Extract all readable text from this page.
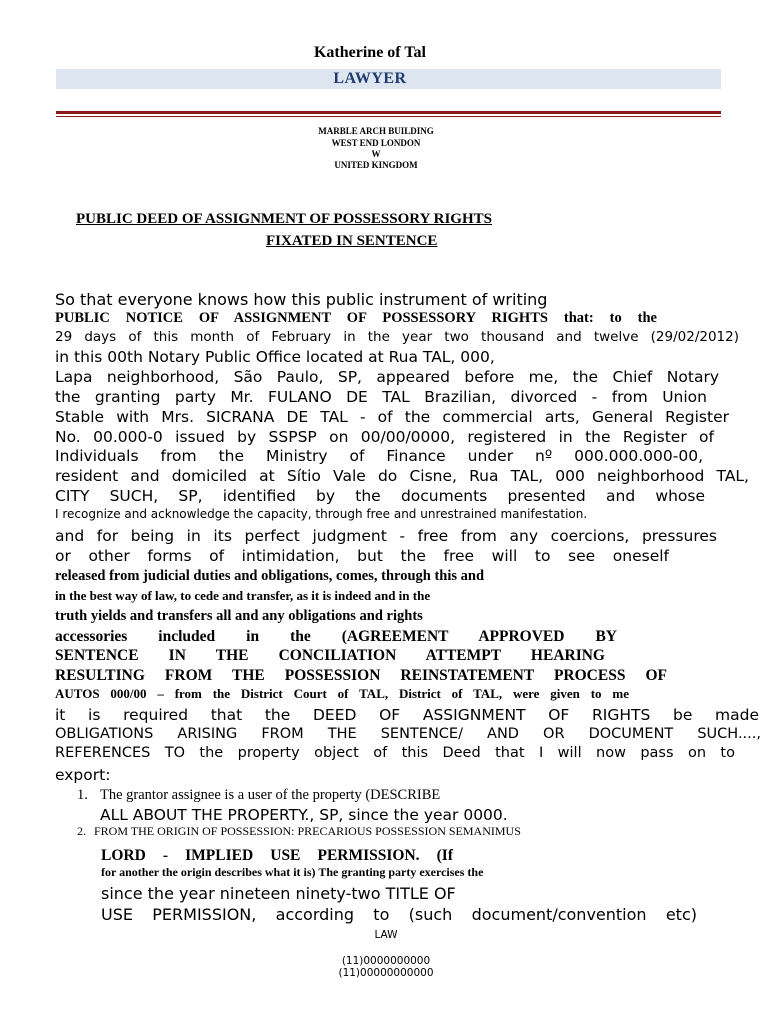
Katherine of Tal
LAWYER
MARBLE ARCH BUILDING
WEST END LONDON
W
UNITED KINGDOM
PUBLIC DEED OF ASSIGNMENT OF POSSESSORY RIGHTS
FIXATED IN SENTENCE
So that everyone knows how this public instrument of writing
PUBLIC NOTICE OF ASSIGNMENT OF POSSESSORY RIGHTS that: to the
29 days of this month of February in the year two thousand and twelve (29/02/2012)
in this 00th Notary Public Office located at Rua TAL, 000,
Lapa neighborhood, São Paulo, SP, appeared before me, the Chief Notary
the granting party Mr. FULANO DE TAL Brazilian, divorced - from Union
Stable with Mrs. SICRANA DE TAL - of the commercial arts, General Register
No. 00.000-0 issued by SSPSP on 00/00/0000, registered in the Register of
Individuals from the Ministry of Finance under nº 000.000.000-00,
resident and domiciled at Sítio Vale do Cisne, Rua TAL, 000 neighborhood TAL,
CITY SUCH, SP, identified by the documents presented and whose
I recognize and acknowledge the capacity, through free and unrestrained manifestation.
and for being in its perfect judgment - free from any coercions, pressures
or other forms of intimidation, but the free will to see oneself
released from judicial duties and obligations, comes, through this and
in the best way of law, to cede and transfer, as it is indeed and in the
truth yields and transfers all and any obligations and rights
accessories included in the (AGREEMENT APPROVED BY
SENTENCE IN THE CONCILIATION ATTEMPT HEARING
RESULTING FROM THE POSSESSION REINSTATEMENT PROCESS OF
AUTOS 000/00 – from the District Court of TAL, District of TAL, were given to me
it is required that the DEED OF ASSIGNMENT OF RIGHTS be made
OBLIGATIONS ARISING FROM THE SENTENCE/ AND OR DOCUMENT SUCH....,
REFERENCES TO the property object of this Deed that I will now pass on to
export:
1. The grantor assignee is a user of the property (DESCRIBE
ALL ABOUT THE PROPERTY., SP, since the year 0000.
2. FROM THE ORIGIN OF POSSESSION: PRECARIOUS POSSESSION SEMANIMUS
LORD - IMPLIED USE PERMISSION. (If
for another the origin describes what it is) The granting party exercises the
since the year nineteen ninety-two TITLE OF
USE PERMISSION, according to (such document/convention etc)
LAW
(11)0000000000
(11)00000000000
